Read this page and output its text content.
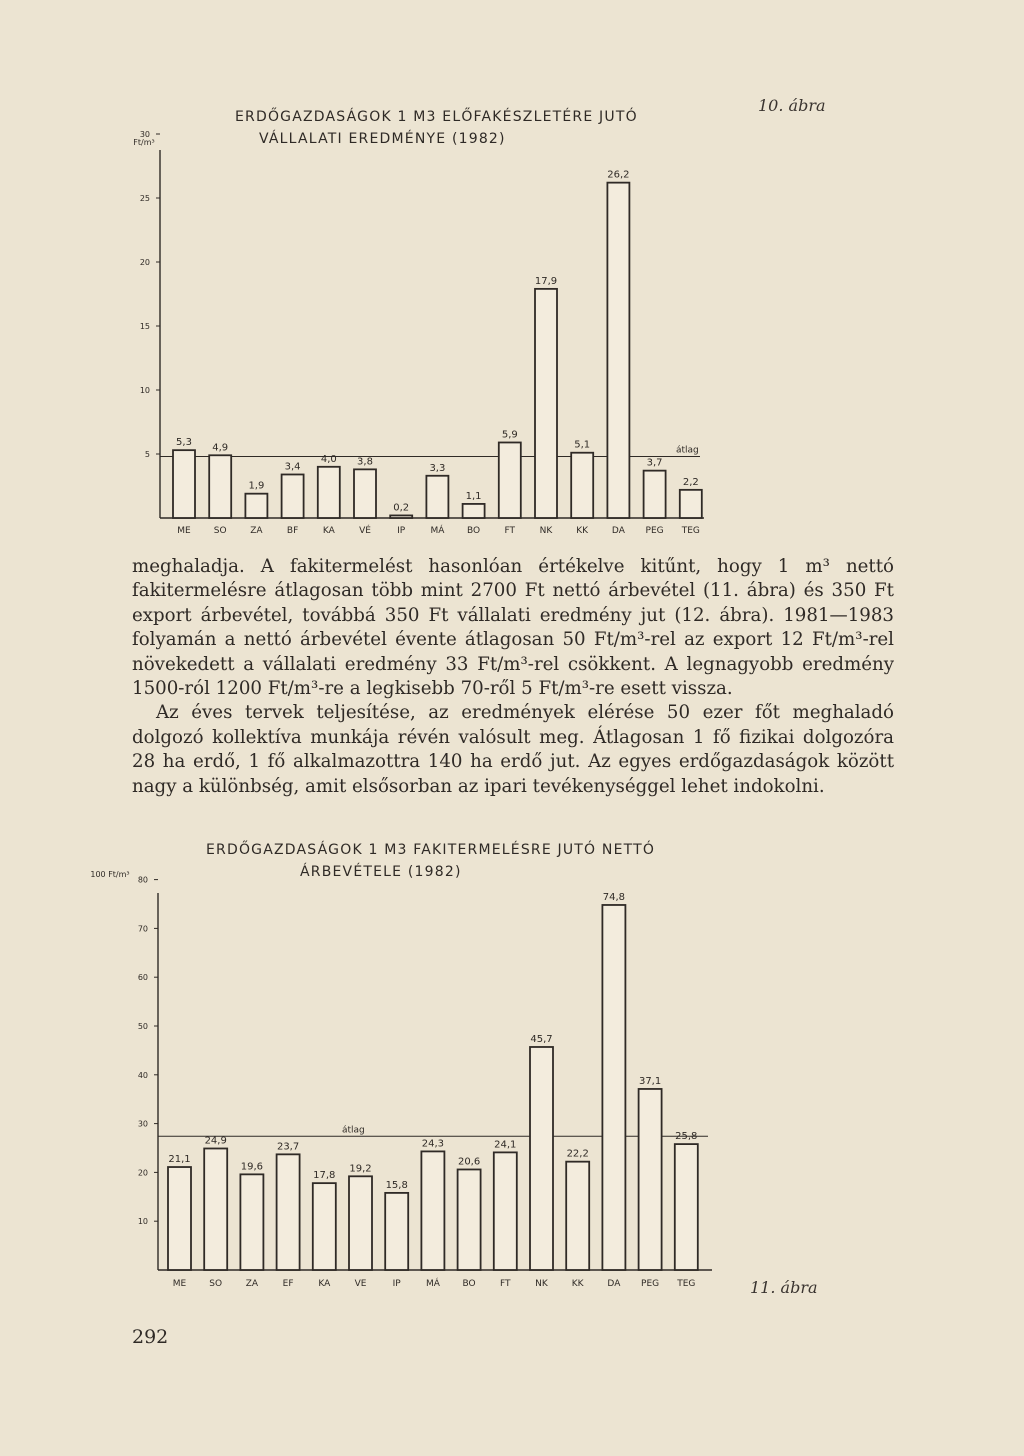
ERDŐGAZDASÁGOK 1 M3 ELŐFAKÉSZLETÉRE JUTÓ
VÁLLALATI EREDMÉNYE (1982)
10. ábra
Ft/m³
5
10
15
20
25
30
átlag
5,3
ME
4,9
SO
1,9
ZA
3,4
BF
4,0
KA
3,8
VÉ
0,2
IP
3,3
MÁ
1,1
BO
5,9
FT
17,9
NK
5,1
KK
26,2
DA
3,7
PEG
2,2
TEG

meghaladja. A fakitermelést hasonlóan értékelve kitűnt, hogy 1 m³ nettó fakitermelésre átlagosan több mint 2700 Ft nettó árbevétel (11. ábra) és 350 Ft export árbevétel, továbbá 350 Ft vállalati eredmény jut (12. ábra). 1981—1983 folyamán a nettó árbevétel évente átlagosan 50 Ft/m³-rel az export 12 Ft/m³-rel növekedett a vállalati eredmény 33 Ft/m³-rel csökkent. A legnagyobb eredmény 1500-ról 1200 Ft/m³-re a legkisebb 70-ről 5 Ft/m³-re esett vissza.

Az éves tervek teljesítése, az eredmények elérése 50 ezer főt meghaladó dolgozó kollektíva munkája révén valósult meg. Átlagosan 1 fő fizikai dolgozóra 28 ha erdő, 1 fő alkalmazottra 140 ha erdő jut. Az egyes erdőgazdaságok között nagy a különbség, amit elsősorban az ipari tevékenységgel lehet indokolni.

ERDŐGAZDASÁGOK 1 M3 FAKITERMELÉSRE JUTÓ NETTÓ
ÁRBEVÉTELE (1982)
11. ábra
100 Ft/m³
10
20
30
40
50
60
70
80
átlag
21,1
ME
24,9
SO
19,6
ZA
23,7
EF
17,8
KA
19,2
VE
15,8
IP
24,3
MÁ
20,6
BO
24,1
FT
45,7
NK
22,2
KK
74,8
DA
37,1
PEG
25,8
TEG
292
